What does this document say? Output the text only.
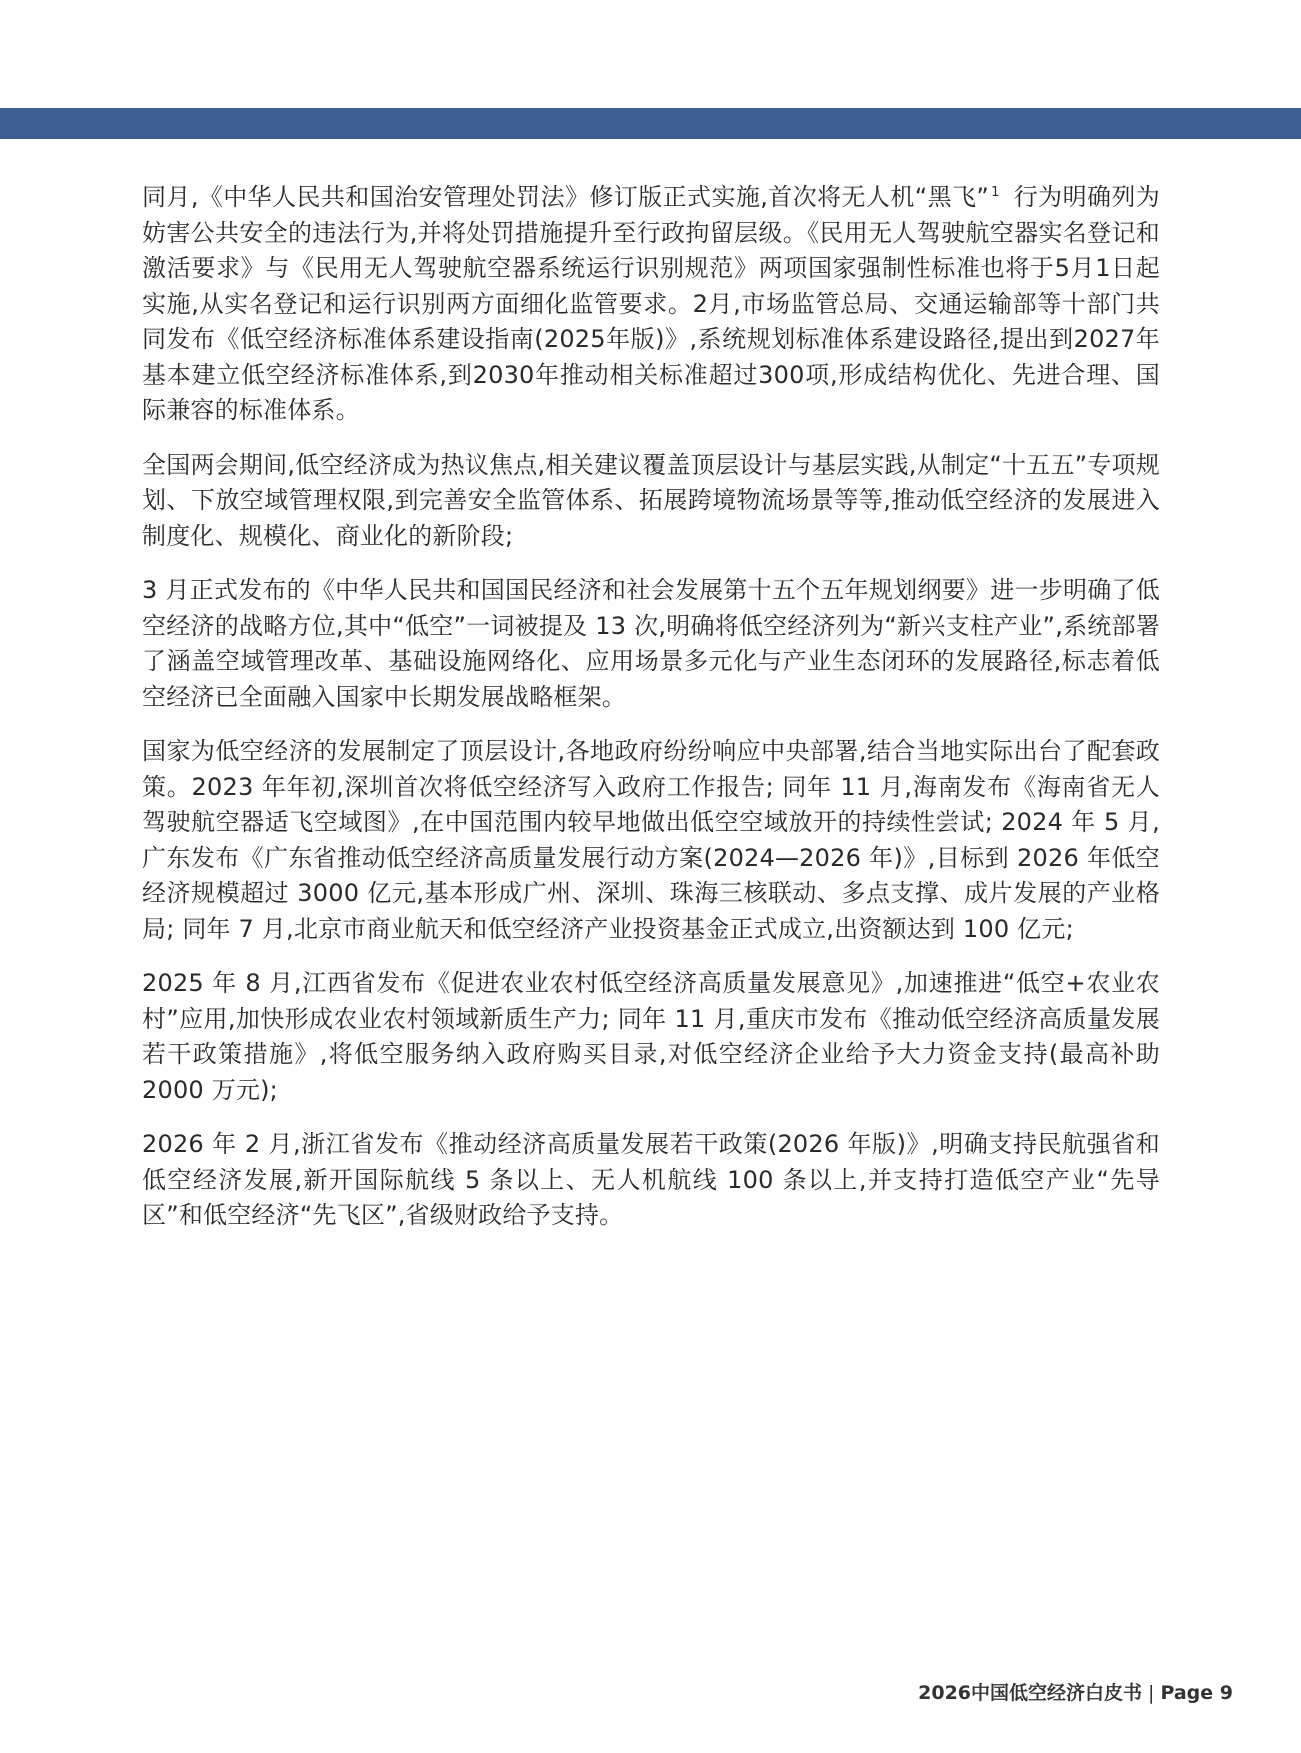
同月,《中华人民共和国治安管理处罚法》修订版正式实施,首次将无人机“黑飞” $^1$ 行为明确列为妨害公共安全的违法行为,并将处罚措施提升至行政拘留层级。《民用无人驾驶航空器实名登记和激活要求》与《民用无人驾驶航空器系统运行识别规范》两项国家强制性标准也将于5月1日起实施,从实名登记和运行识别两方面细化监管要求。2月,市场监管总局、交通运输部等十部门共同发布《低空经济标准体系建设指南(2025年版)》,系统规划标准体系建设路径,提出到2027年基本建立低空经济标准体系,到2030年推动相关标准超过300项,形成结构优化、先进合理、国际兼容的标准体系。

全国两会期间,低空经济成为热议焦点,相关建议覆盖顶层设计与基层实践,从制定“十五五”专项规划、下放空域管理权限,到完善安全监管体系、拓展跨境物流场景等等,推动低空经济的发展进入制度化、规模化、商业化的新阶段;

3 月正式发布的《中华人民共和国国民经济和社会发展第十五个五年规划纲要》进一步明确了低空经济的战略方位,其中“低空”一词被提及 13 次,明确将低空经济列为“新兴支柱产业”,系统部署了涵盖空域管理改革、基础设施网络化、应用场景多元化与产业生态闭环的发展路径,标志着低空经济已全面融入国家中长期发展战略框架。

国家为低空经济的发展制定了顶层设计,各地政府纷纷响应中央部署,结合当地实际出台了配套政策。2023 年年初,深圳首次将低空经济写入政府工作报告; 同年 11 月,海南发布《海南省无人驾驶航空器适飞空域图》,在中国范围内较早地做出低空空域放开的持续性尝试; 2024 年 5 月,广东发布《广东省推动低空经济高质量发展行动方案(2024—2026 年)》,目标到 2026 年低空经济规模超过 3000 亿元,基本形成广州、深圳、珠海三核联动、多点支撑、成片发展的产业格局; 同年 7 月,北京市商业航天和低空经济产业投资基金正式成立,出资额达到 100 亿元;

2025 年 8 月,江西省发布《促进农业农村低空经济高质量发展意见》,加速推进“低空+农业农村”应用,加快形成农业农村领域新质生产力; 同年 11 月,重庆市发布《推动低空经济高质量发展若干政策措施》,将低空服务纳入政府购买目录,对低空经济企业给予大力资金支持(最高补助 2000 万元);

2026 年 2 月,浙江省发布《推动经济高质量发展若干政策(2026 年版)》,明确支持民航强省和低空经济发展,新开国际航线 5 条以上、无人机航线 100 条以上,并支持打造低空产业“先导区”和低空经济“先飞区”,省级财政给予支持。

2026中国低空经济白皮书 | Page 9
